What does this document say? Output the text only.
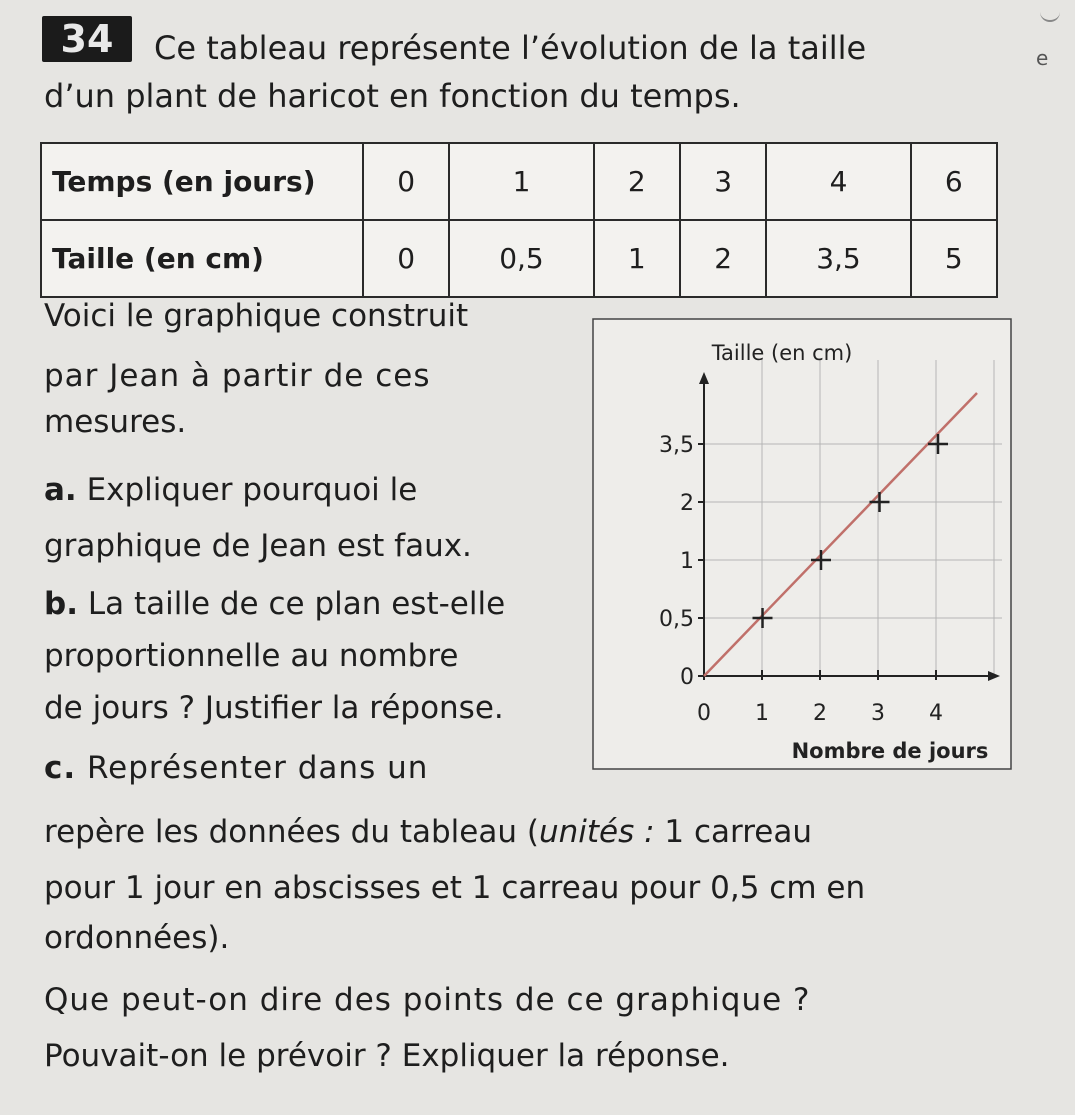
e
34	Ce tableau représente l’évolution de la taille
d’un plant de haricot en fonction du temps.
Temps (en jours)	0	1	2	3	4	6
Taille (en cm)	0	0,5	1	2	3,5	5
Voici le graphique construit
par Jean à partir de ces
mesures.
a. Expliquer pourquoi le
graphique de Jean est faux.
b. La taille de ce plan est-elle
proportionnelle au nombre
de jours ? Justifier la réponse.
c. Représenter dans un
repère les données du tableau (unités : 1 carreau
pour 1 jour en abscisses et 1 carreau pour 0,5 cm en
ordonnées).
Que peut-on dire des points de ce graphique ?
Pouvait-on le prévoir ? Expliquer la réponse.
0
0,5
1
2
3,5
0 1 2 3 4
Taille (en cm)
Nombre de jours
